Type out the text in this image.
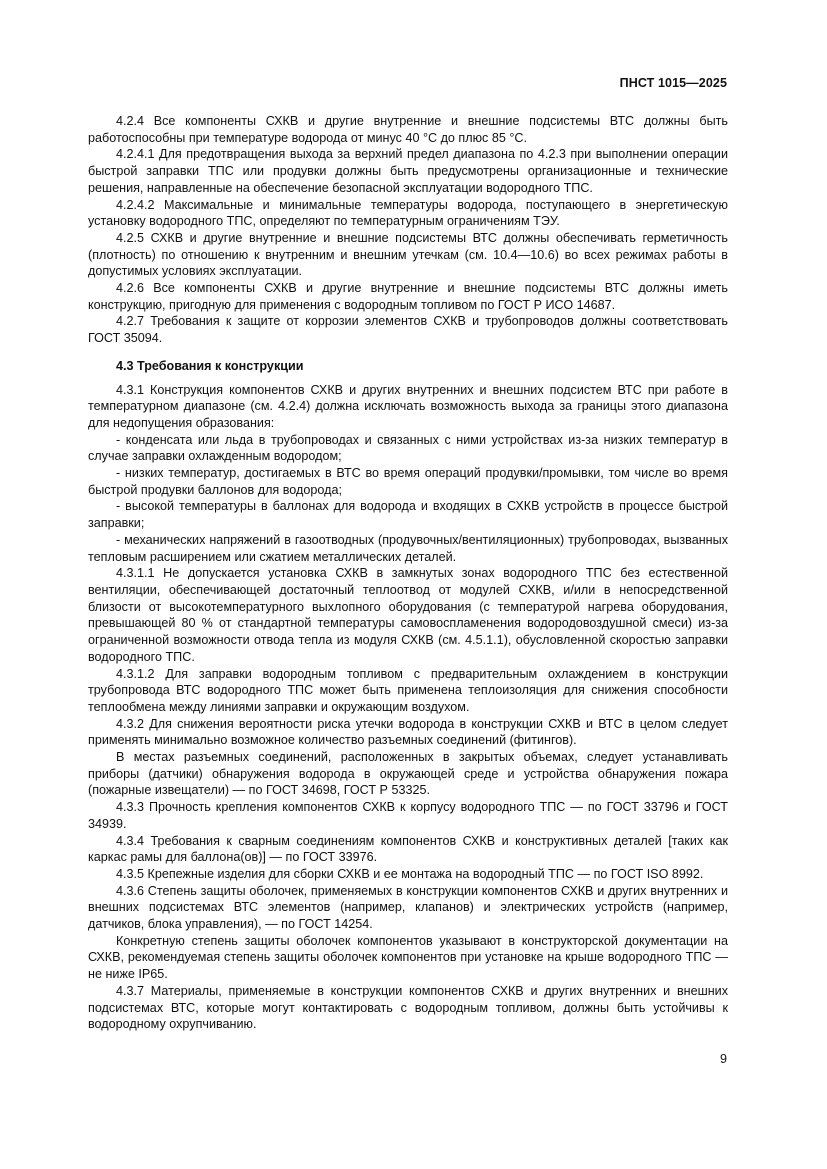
ПНСТ 1015—2025

4.2.4 Все компоненты СХКВ и другие внутренние и внешние подсистемы ВТС должны быть работоспособны при температуре водорода от минус 40 °C до плюс 85 °C.

4.2.4.1 Для предотвращения выхода за верхний предел диапазона по 4.2.3 при выполнении операции быстрой заправки ТПС или продувки должны быть предусмотрены организационные и технические решения, направленные на обеспечение безопасной эксплуатации водородного ТПС.

4.2.4.2 Максимальные и минимальные температуры водорода, поступающего в энергетическую установку водородного ТПС, определяют по температурным ограничениям ТЭУ.

4.2.5 СХКВ и другие внутренние и внешние подсистемы ВТС должны обеспечивать герметичность (плотность) по отношению к внутренним и внешним утечкам (см. 10.4—10.6) во всех режимах работы в допустимых условиях эксплуатации.

4.2.6 Все компоненты СХКВ и другие внутренние и внешние подсистемы ВТС должны иметь конструкцию, пригодную для применения с водородным топливом по ГОСТ Р ИСО 14687.

4.2.7 Требования к защите от коррозии элементов СХКВ и трубопроводов должны соответствовать ГОСТ 35094.

4.3 Требования к конструкции

4.3.1 Конструкция компонентов СХКВ и других внутренних и внешних подсистем ВТС при работе в температурном диапазоне (см. 4.2.4) должна исключать возможность выхода за границы этого диапазона для недопущения образования:

- конденсата или льда в трубопроводах и связанных с ними устройствах из-за низких температур в случае заправки охлажденным водородом;

- низких температур, достигаемых в ВТС во время операций продувки/промывки, том числе во время быстрой продувки баллонов для водорода;

- высокой температуры в баллонах для водорода и входящих в СХКВ устройств в процессе быстрой заправки;

- механических напряжений в газоотводных (продувочных/вентиляционных) трубопроводах, вызванных тепловым расширением или сжатием металлических деталей.

4.3.1.1 Не допускается установка СХКВ в замкнутых зонах водородного ТПС без естественной вентиляции, обеспечивающей достаточный теплоотвод от модулей СХКВ, и/или в непосредственной близости от высокотемпературного выхлопного оборудования (с температурой нагрева оборудования, превышающей 80 % от стандартной температуры самовоспламенения водородовоздушной смеси) из-за ограниченной возможности отвода тепла из модуля СХКВ (см. 4.5.1.1), обусловленной скоростью заправки водородного ТПС.

4.3.1.2 Для заправки водородным топливом с предварительным охлаждением в конструкции трубопровода ВТС водородного ТПС может быть применена теплоизоляция для снижения способности теплообмена между линиями заправки и окружающим воздухом.

4.3.2 Для снижения вероятности риска утечки водорода в конструкции СХКВ и ВТС в целом следует применять минимально возможное количество разъемных соединений (фитингов).

В местах разъемных соединений, расположенных в закрытых объемах, следует устанавливать приборы (датчики) обнаружения водорода в окружающей среде и устройства обнаружения пожара (пожарные извещатели) — по ГОСТ 34698, ГОСТ Р 53325.

4.3.3 Прочность крепления компонентов СХКВ к корпусу водородного ТПС — по ГОСТ 33796 и ГОСТ 34939.

4.3.4 Требования к сварным соединениям компонентов СХКВ и конструктивных деталей [таких как каркас рамы для баллона(ов)] — по ГОСТ 33976.

4.3.5 Крепежные изделия для сборки СХКВ и ее монтажа на водородный ТПС — по ГОСТ ISO 8992.

4.3.6 Степень защиты оболочек, применяемых в конструкции компонентов СХКВ и других внутренних и внешних подсистемах ВТС элементов (например, клапанов) и электрических устройств (например, датчиков, блока управления), — по ГОСТ 14254.

Конкретную степень защиты оболочек компонентов указывают в конструкторской документации на СХКВ, рекомендуемая степень защиты оболочек компонентов при установке на крыше водородного ТПС — не ниже IP65.

4.3.7 Материалы, применяемые в конструкции компонентов СХКВ и других внутренних и внешних подсистемах ВТС, которые могут контактировать с водородным топливом, должны быть устойчивы к водородному охрупчиванию.

9
